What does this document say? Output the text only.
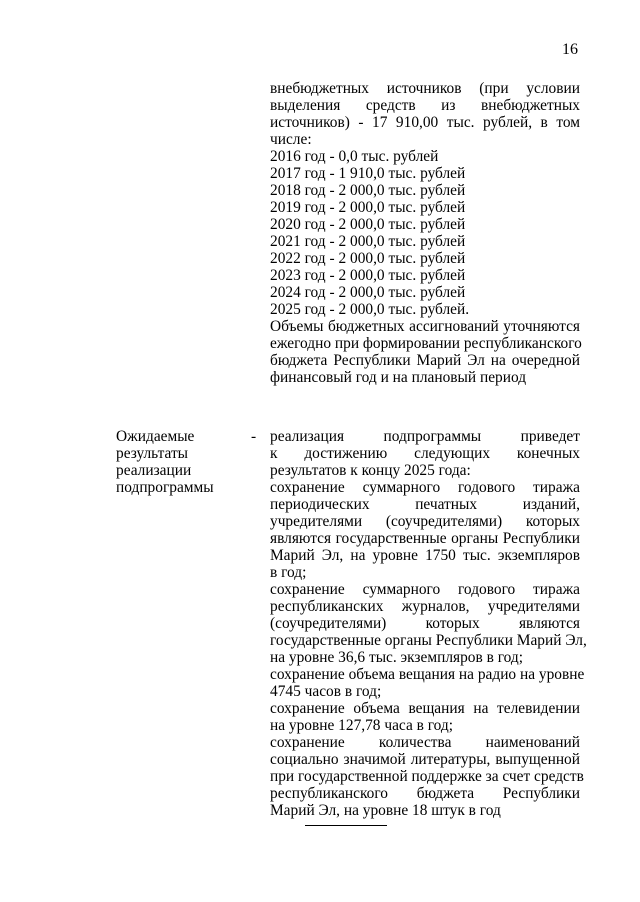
16
внебюджетных источников (при условии
выделения средств из внебюджетных
источников) - 17 910,00 тыс. рублей, в том
числе:
2016 год - 0,0 тыс. рублей
2017 год - 1 910,0 тыс. рублей
2018 год - 2 000,0 тыс. рублей
2019 год - 2 000,0 тыс. рублей
2020 год - 2 000,0 тыс. рублей
2021 год - 2 000,0 тыс. рублей
2022 год - 2 000,0 тыс. рублей
2023 год - 2 000,0 тыс. рублей
2024 год - 2 000,0 тыс. рублей
2025 год - 2 000,0 тыс. рублей.
Объемы бюджетных ассигнований уточняются
ежегодно при формировании республиканского
бюджета Республики Марий Эл на очередной
финансовый год и на плановый период
Ожидаемые
результаты
реализации
подпрограммы
- реализация подпрограммы приведет
к достижению следующих конечных
результатов к концу 2025 года:
сохранение суммарного годового тиража
периодических печатных изданий,
учредителями (соучредителями) которых
являются государственные органы Республики
Марий Эл, на уровне 1750 тыс. экземпляров
в год;
сохранение суммарного годового тиража
республиканских журналов, учредителями
(соучредителями) которых являются
государственные органы Республики Марий Эл,
на уровне 36,6 тыс. экземпляров в год;
сохранение объема вещания на радио на уровне
4745 часов в год;
сохранение объема вещания на телевидении
на уровне 127,78 часа в год;
сохранение количества наименований
социально значимой литературы, выпущенной
при государственной поддержке за счет средств
республиканского бюджета Республики
Марий Эл, на уровне 18 штук в год
